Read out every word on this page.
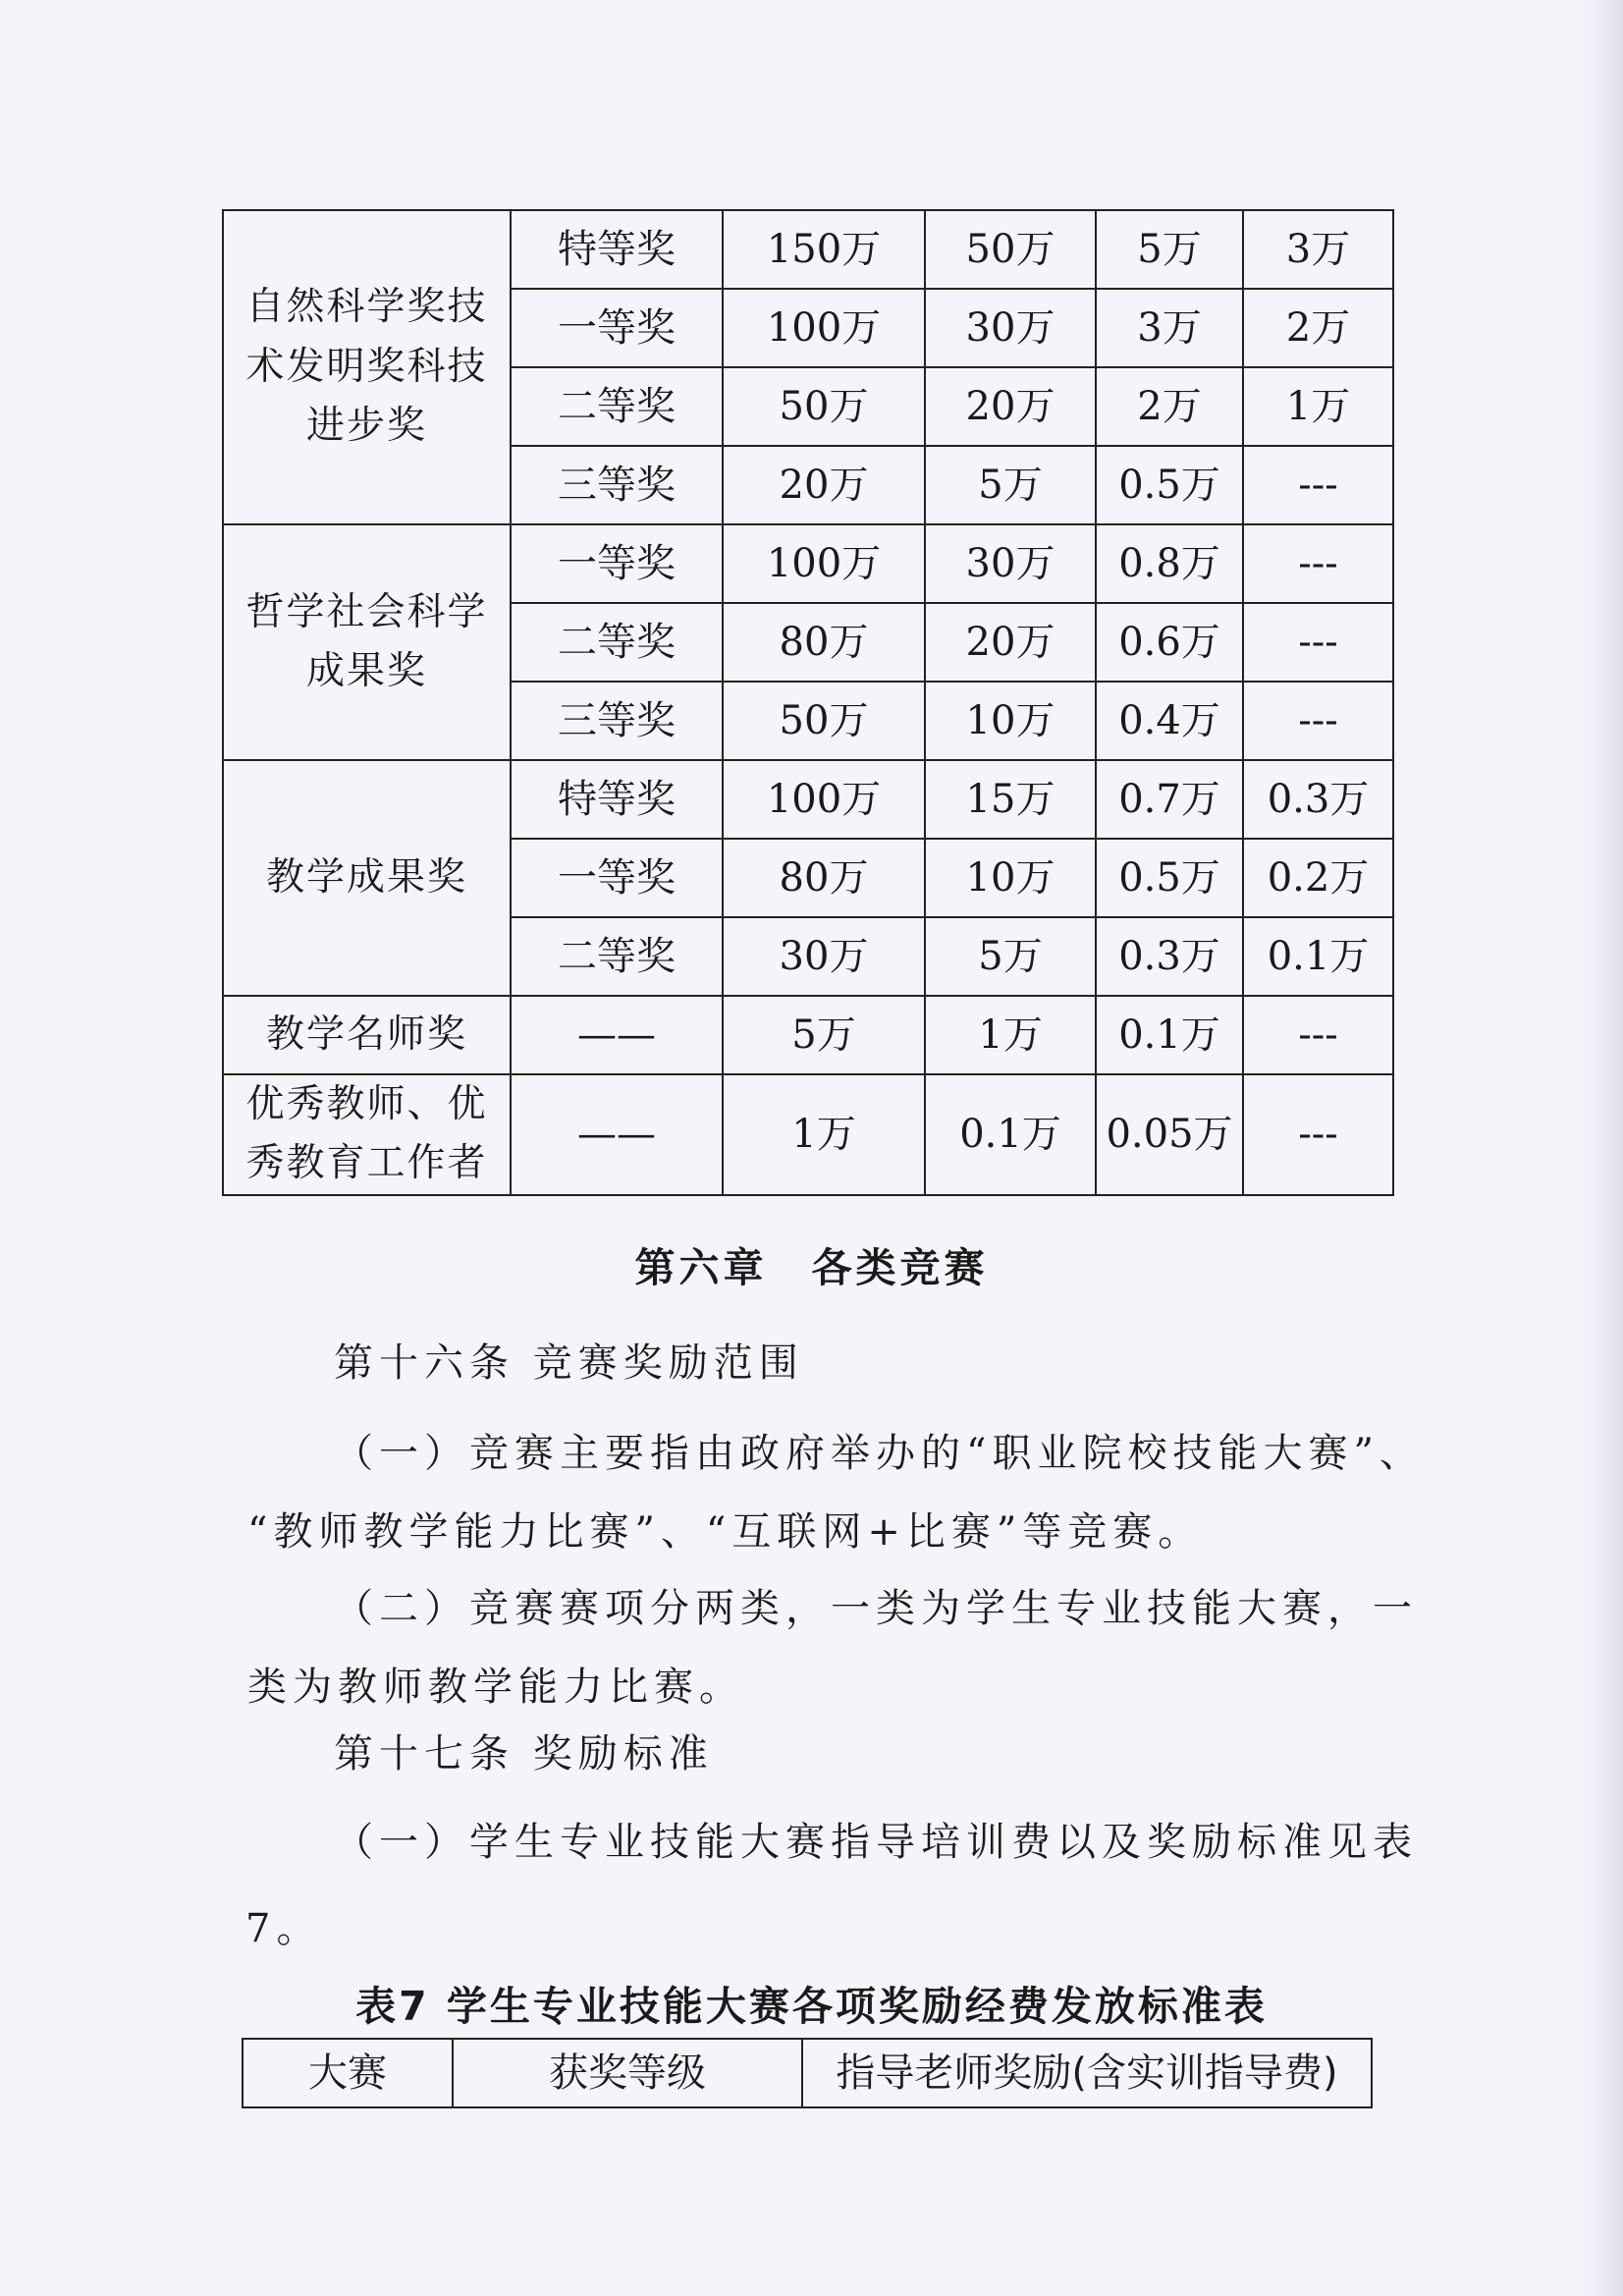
自然科学奖技术发明奖科技进步奖	特等奖	150万	50万	5万	3万
	一等奖	100万	30万	3万	2万
	二等奖	50万	20万	2万	1万
	三等奖	20万	5万	0.5万	---
哲学社会科学成果奖	一等奖	100万	30万	0.8万	---
	二等奖	80万	20万	0.6万	---
	三等奖	50万	10万	0.4万	---
教学成果奖	特等奖	100万	15万	0.7万	0.3万
	一等奖	80万	10万	0.5万	0.2万
	二等奖	30万	5万	0.3万	0.1万
教学名师奖	——	5万	1万	0.1万	---
优秀教师、优秀教育工作者	——	1万	0.1万	0.05万	---
第六章　各类竞赛
第十六条 竞赛奖励范围
（一）竞赛主要指由政府举办的“职业院校技能大赛”、
“教师教学能力比赛”、“互联网+比赛”等竞赛。
（二）竞赛赛项分两类，一类为学生专业技能大赛，一
类为教师教学能力比赛。
第十七条 奖励标准
（一）学生专业技能大赛指导培训费以及奖励标准见表
7。
表7 学生专业技能大赛各项奖励经费发放标准表
大赛	获奖等级	指导老师奖励(含实训指导费)
